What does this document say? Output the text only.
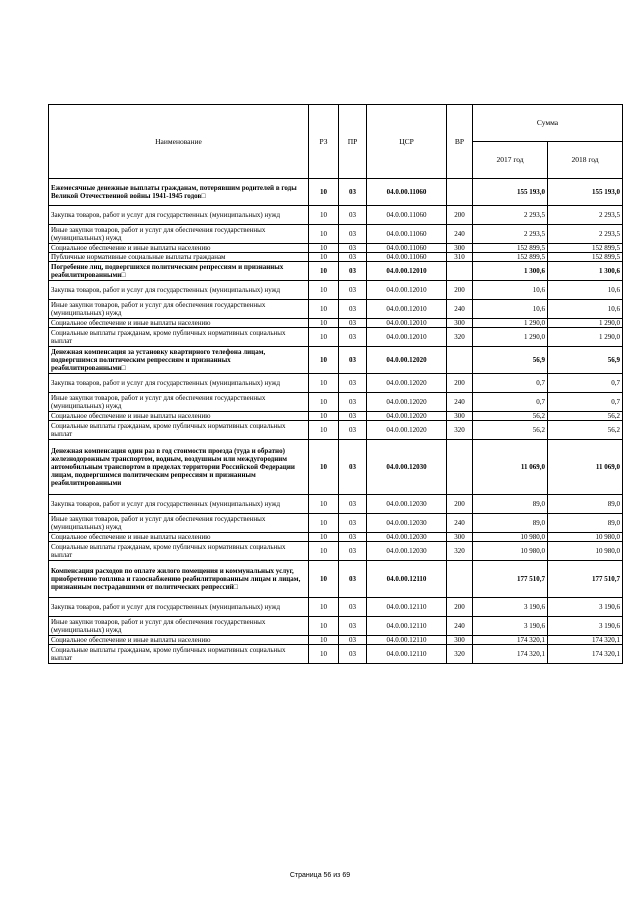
Наименование	РЗ	ПР	ЦСР	ВР	Сумма	
					2017 год	2018 год
Ежемесячные денежные выплаты гражданам, потерявшим родителей в годы Великой Отечественной войны 1941-1945 годов□	10	03	04.0.00.11060		155 193,0	155 193,0
Закупка товаров, работ и услуг для государственных (муниципальных) нужд	10	03	04.0.00.11060	200	2 293,5	2 293,5
Иные закупки товаров, работ и услуг для обеспечения государственных (муниципальных) нужд	10	03	04.0.00.11060	240	2 293,5	2 293,5
Социальное обеспечение и иные выплаты населению	10	03	04.0.00.11060	300	152 899,5	152 899,5
Публичные нормативные социальные выплаты гражданам	10	03	04.0.00.11060	310	152 899,5	152 899,5
Погребение лиц, подвергшихся политическим репрессиям и признанных реабилитированными□	10	03	04.0.00.12010		1 300,6	1 300,6
Закупка товаров, работ и услуг для государственных (муниципальных) нужд	10	03	04.0.00.12010	200	10,6	10,6
Иные закупки товаров, работ и услуг для обеспечения государственных (муниципальных) нужд	10	03	04.0.00.12010	240	10,6	10,6
Социальное обеспечение и иные выплаты населению	10	03	04.0.00.12010	300	1 290,0	1 290,0
Социальные выплаты гражданам, кроме публичных нормативных социальных выплат	10	03	04.0.00.12010	320	1 290,0	1 290,0
Денежная компенсация за установку квартирного телефона лицам, подвергшимся политическим репрессиям и признанных реабилитированными□	10	03	04.0.00.12020		56,9	56,9
Закупка товаров, работ и услуг для государственных (муниципальных) нужд	10	03	04.0.00.12020	200	0,7	0,7
Иные закупки товаров, работ и услуг для обеспечения государственных (муниципальных) нужд	10	03	04.0.00.12020	240	0,7	0,7
Социальное обеспечение и иные выплаты населению	10	03	04.0.00.12020	300	56,2	56,2
Социальные выплаты гражданам, кроме публичных нормативных социальных выплат	10	03	04.0.00.12020	320	56,2	56,2
Денежная компенсация один раз в год стоимости проезда (туда и обратно) железнодорожным транспортом, водным, воздушным или междугородним автомобильным транспортом в пределах территории Российской Федерации лицам, подвергшимся политическим репрессиям и признанным реабилитированными	10	03	04.0.00.12030		11 069,0	11 069,0
Закупка товаров, работ и услуг для государственных (муниципальных) нужд	10	03	04.0.00.12030	200	89,0	89,0
Иные закупки товаров, работ и услуг для обеспечения государственных (муниципальных) нужд	10	03	04.0.00.12030	240	89,0	89,0
Социальное обеспечение и иные выплаты населению	10	03	04.0.00.12030	300	10 980,0	10 980,0
Социальные выплаты гражданам, кроме публичных нормативных социальных выплат	10	03	04.0.00.12030	320	10 980,0	10 980,0
Компенсация расходов по оплате жилого помещения и коммунальных услуг, приобретению топлива и газоснабжению реабилитированным лицам и лицам, признанным пострадавшими от политических репрессий□	10	03	04.0.00.12110		177 510,7	177 510,7
Закупка товаров, работ и услуг для государственных (муниципальных) нужд	10	03	04.0.00.12110	200	3 190,6	3 190,6
Иные закупки товаров, работ и услуг для обеспечения государственных (муниципальных) нужд	10	03	04.0.00.12110	240	3 190,6	3 190,6
Социальное обеспечение и иные выплаты населению	10	03	04.0.00.12110	300	174 320,1	174 320,1
Социальные выплаты гражданам, кроме публичных нормативных социальных выплат	10	03	04.0.00.12110	320	174 320,1	174 320,1
Страница 56 из 69
